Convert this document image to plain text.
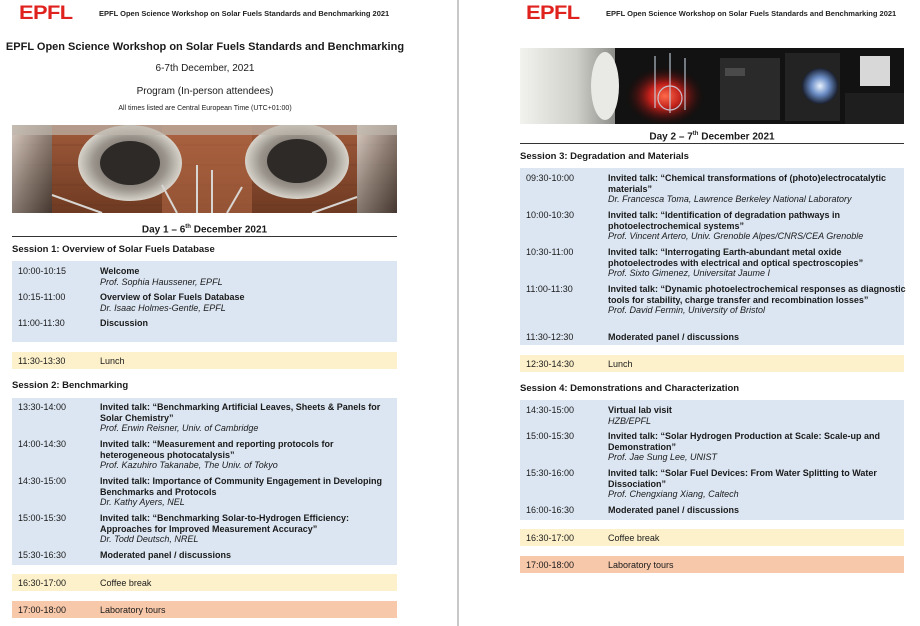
EPFL	EPFL Open Science Workshop on Solar Fuels Standards and Benchmarking 2021
EPFL Open Science Workshop on Solar Fuels Standards and Benchmarking
6-7th December, 2021
Program (In-person attendees)
All times listed are Central European Time (UTC+01:00)
Day 1 – 6th December 2021
Session 1: Overview of Solar Fuels Database
10:00-10:15	Welcome
Prof. Sophia Haussener, EPFL
10:15-11:00	Overview of Solar Fuels Database
Dr. Isaac Holmes-Gentle, EPFL
11:00-11:30	Discussion
11:30-13:30	Lunch
Session 2: Benchmarking
13:30-14:00	Invited talk: “Benchmarking Artificial Leaves, Sheets & Panels for Solar Chemistry”
Prof. Erwin Reisner, Univ. of Cambridge
14:00-14:30	Invited talk: “Measurement and reporting protocols for heterogeneous photocatalysis”
Prof. Kazuhiro Takanabe, The Univ. of Tokyo
14:30-15:00	Invited talk: Importance of Community Engagement in Developing Benchmarks and Protocols
Dr. Kathy Ayers, NEL
15:00-15:30	Invited talk: “Benchmarking Solar-to-Hydrogen Efficiency: Approaches for Improved Measurement Accuracy”
Dr. Todd Deutsch, NREL
15:30-16:30	Moderated panel / discussions
16:30-17:00	Coffee break
17:00-18:00	Laboratory tours
EPFL	EPFL Open Science Workshop on Solar Fuels Standards and Benchmarking 2021
Day 2 – 7th December 2021
Session 3: Degradation and Materials
09:30-10:00	Invited talk: “Chemical transformations of (photo)electrocatalytic materials”
Dr. Francesca Toma, Lawrence Berkeley National Laboratory
10:00-10:30	Invited talk: “Identification of degradation pathways in photoelectrochemical systems”
Prof. Vincent Artero, Univ. Grenoble Alpes/CNRS/CEA Grenoble
10:30-11:00	Invited talk: “Interrogating Earth-abundant metal oxide photoelectrodes with electrical and optical spectroscopies”
Prof. Sixto Gimenez, Universitat Jaume I
11:00-11:30	Invited talk: “Dynamic photoelectrochemical responses as diagnostic tools for stability, charge transfer and recombination losses”
Prof. David Fermin, University of Bristol
11:30-12:30	Moderated panel / discussions
12:30-14:30	Lunch
Session 4: Demonstrations and Characterization
14:30-15:00	Virtual lab visit
HZB/EPFL
15:00-15:30	Invited talk: “Solar Hydrogen Production at Scale: Scale-up and Demonstration”
Prof. Jae Sung Lee, UNIST
15:30-16:00	Invited talk: “Solar Fuel Devices: From Water Splitting to Water Dissociation”
Prof. Chengxiang Xiang, Caltech
16:00-16:30	Moderated panel / discussions
16:30-17:00	Coffee break
17:00-18:00	Laboratory tours
